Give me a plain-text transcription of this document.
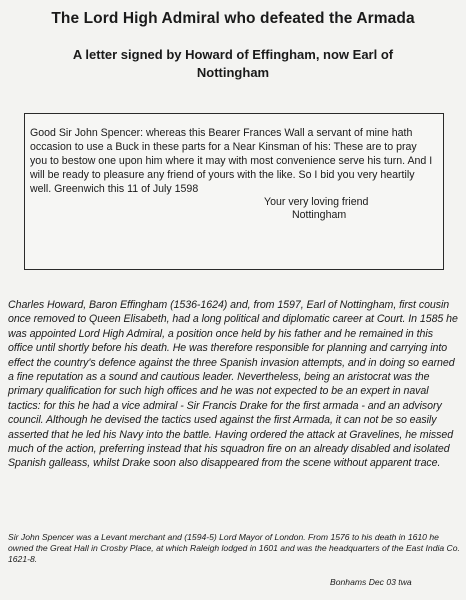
The Lord High Admiral who defeated the Armada
A letter signed by Howard of Effingham, now Earl of Nottingham

Good Sir John Spencer: whereas this Bearer Frances Wall a servant of mine hath occasion to use a Buck in these parts for a Near Kinsman of his: These are to pray you to bestow one upon him where it may with most convenience serve his turn. And I will be ready to pleasure any friend of yours with the like. So I bid you very heartily well. Greenwich this 11 of July 1598

Your very loving friend
Nottingham

Charles Howard, Baron Effingham (1536-1624) and, from 1597, Earl of Nottingham, first cousin once removed to Queen Elisabeth, had a long political and diplomatic career at Court. In 1585 he was appointed Lord High Admiral, a position once held by his father and he remained in this office until shortly before his death. He was therefore responsible for planning and carrying into effect the country's defence against the three Spanish invasion attempts, and in doing so earned a fine reputation as a sound and cautious leader. Nevertheless, being an aristocrat was the primary qualification for such high offices and he was not expected to be an expert in naval tactics: for this he had a vice admiral - Sir Francis Drake for the first armada - and an advisory council. Although he devised the tactics used against the first Armada, it can not be so easily asserted that he led his Navy into the battle. Having ordered the attack at Gravelines, he missed much of the action, preferring instead that his squadron fire on an already disabled and isolated Spanish galleass, whilst Drake soon also disappeared from the scene without apparent trace.

Sir John Spencer was a Levant merchant and (1594-5) Lord Mayor of London. From 1576 to his death in 1610 he owned the Great Hall in Crosby Place, at which Raleigh lodged in 1601 and was the headquarters of the East India Co. 1621-8.

Bonhams Dec 03 twa
